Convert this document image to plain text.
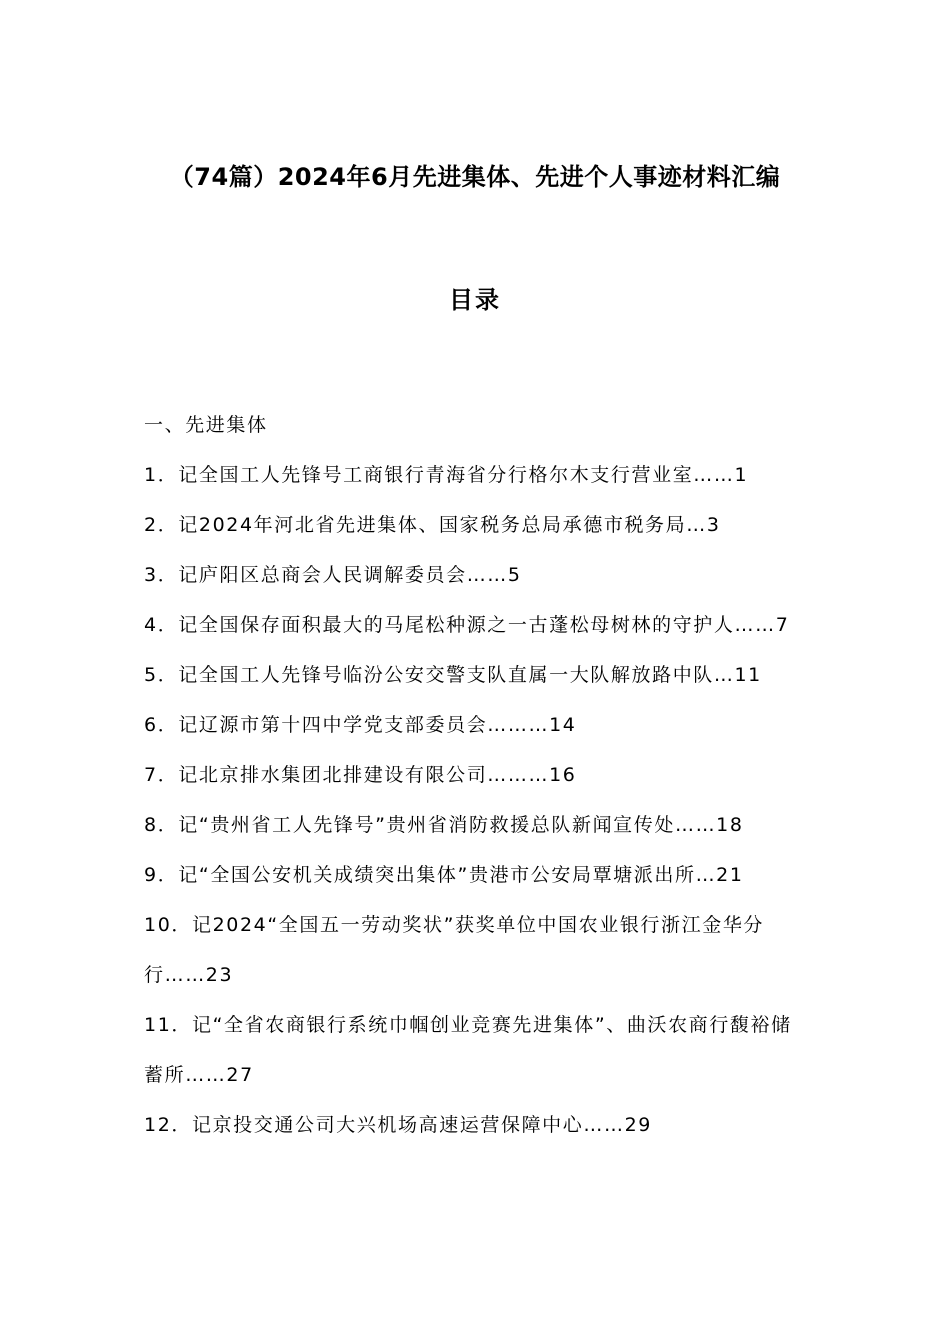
（74篇）2024年6月先进集体、先进个人事迹材料汇编
目录

一、先进集体

1．记全国工人先锋号工商银行青海省分行格尔木支行营业室……1

2．记2024年河北省先进集体、国家税务总局承德市税务局…3

3．记庐阳区总商会人民调解委员会……5

4．记全国保存面积最大的马尾松种源之一古蓬松母树林的守护人……7

5．记全国工人先锋号临汾公安交警支队直属一大队解放路中队…11

6．记辽源市第十四中学党支部委员会………14

7．记北京排水集团北排建设有限公司………16

8．记“贵州省工人先锋号”贵州省消防救援总队新闻宣传处……18

9．记“全国公安机关成绩突出集体”贵港市公安局覃塘派出所…21

10．记2024“全国五一劳动奖状”获奖单位中国农业银行浙江金华分行……23

11．记“全省农商银行系统巾帼创业竞赛先进集体”、曲沃农商行馥裕储蓄所……27

12．记京投交通公司大兴机场高速运营保障中心……29
